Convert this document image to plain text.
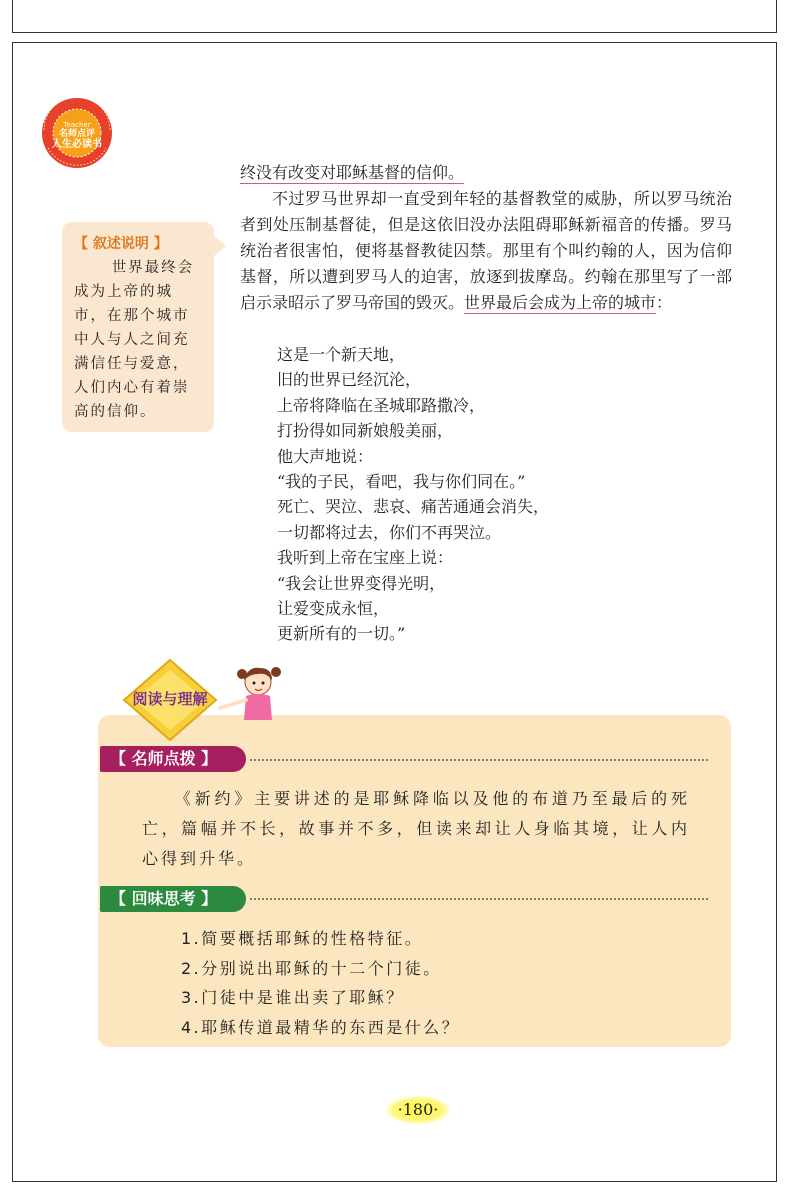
Teacher
名师点评
人生必读书

终没有改变对耶稣基督的信仰。

不过罗马世界却一直受到年轻的基督教堂的威胁，所以罗马统治者到处压制基督徒，但是这依旧没办法阻碍耶稣新福音的传播。罗马统治者很害怕，便将基督教徒囚禁。那里有个叫约翰的人，因为信仰基督，所以遭到罗马人的迫害，放逐到拔摩岛。约翰在那里写了一部启示录昭示了罗马帝国的毁灭。世界最后会成为上帝的城市：

这是一个新天地，
旧的世界已经沉沦，
上帝将降临在圣城耶路撒冷，
打扮得如同新娘般美丽，
他大声地说：
“我的子民，看吧，我与你们同在。”
死亡、哭泣、悲哀、痛苦通通会消失，
一切都将过去，你们不再哭泣。
我听到上帝在宝座上说：
“我会让世界变得光明，
让爱变成永恒，
更新所有的一切。”
【 叙述说明 】
世界最终会成为上帝的城市，在那个城市中人与人之间充满信任与爱意，人们内心有着崇高的信仰。
阅读与理解
【 名师点拨 】
《新约》主要讲述的是耶稣降临以及他的布道乃至最后的死亡，篇幅并不长，故事并不多，但读来却让人身临其境，让人内心得到升华。
【 回味思考 】
1.简要概括耶稣的性格特征。
2.分别说出耶稣的十二个门徒。
3.门徒中是谁出卖了耶稣？
4.耶稣传道最精华的东西是什么？
·180·
